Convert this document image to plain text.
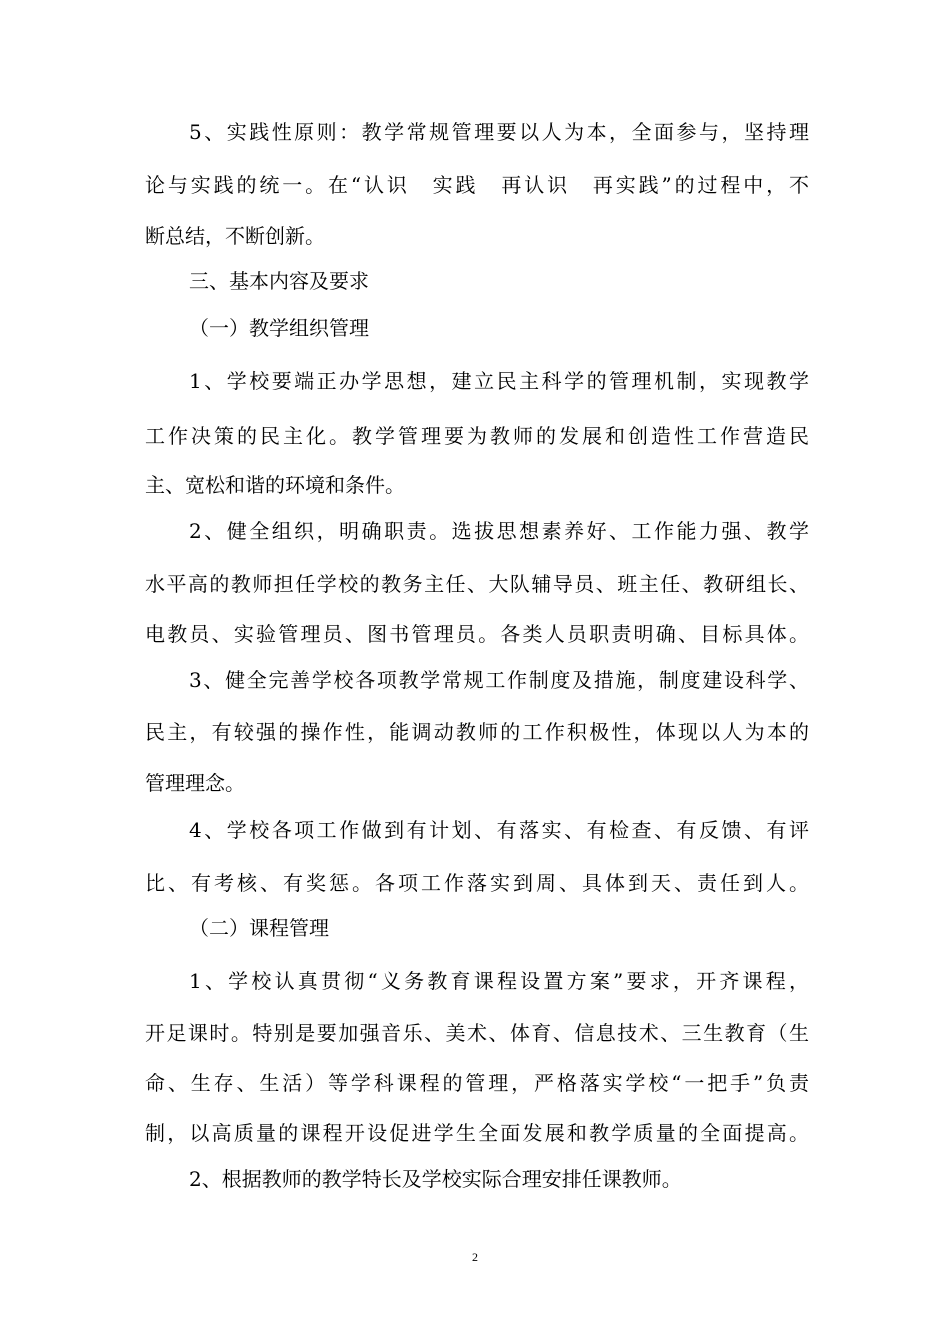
5、实践性原则：教学常规管理要以人为本，全面参与，坚持理
论与实践的统一。在“认识　实践　再认识　再实践”的过程中，不
断总结，不断创新。
三、基本内容及要求
（一）教学组织管理
1、学校要端正办学思想，建立民主科学的管理机制，实现教学
工作决策的民主化。教学管理要为教师的发展和创造性工作营造民
主、宽松和谐的环境和条件。
2、健全组织，明确职责。选拔思想素养好、工作能力强、教学
水平高的教师担任学校的教务主任、大队辅导员、班主任、教研组长、
电教员、实验管理员、图书管理员。各类人员职责明确、目标具体。
3、健全完善学校各项教学常规工作制度及措施，制度建设科学、
民主，有较强的操作性，能调动教师的工作积极性，体现以人为本的
管理理念。
4、学校各项工作做到有计划、有落实、有检查、有反馈、有评
比、有考核、有奖惩。各项工作落实到周、具体到天、责任到人。
（二）课程管理
1、学校认真贯彻“义务教育课程设置方案”要求，开齐课程，
开足课时。特别是要加强音乐、美术、体育、信息技术、三生教育（生
命、生存、生活）等学科课程的管理，严格落实学校“一把手”负责
制，以高质量的课程开设促进学生全面发展和教学质量的全面提高。
2、根据教师的教学特长及学校实际合理安排任课教师。
2
